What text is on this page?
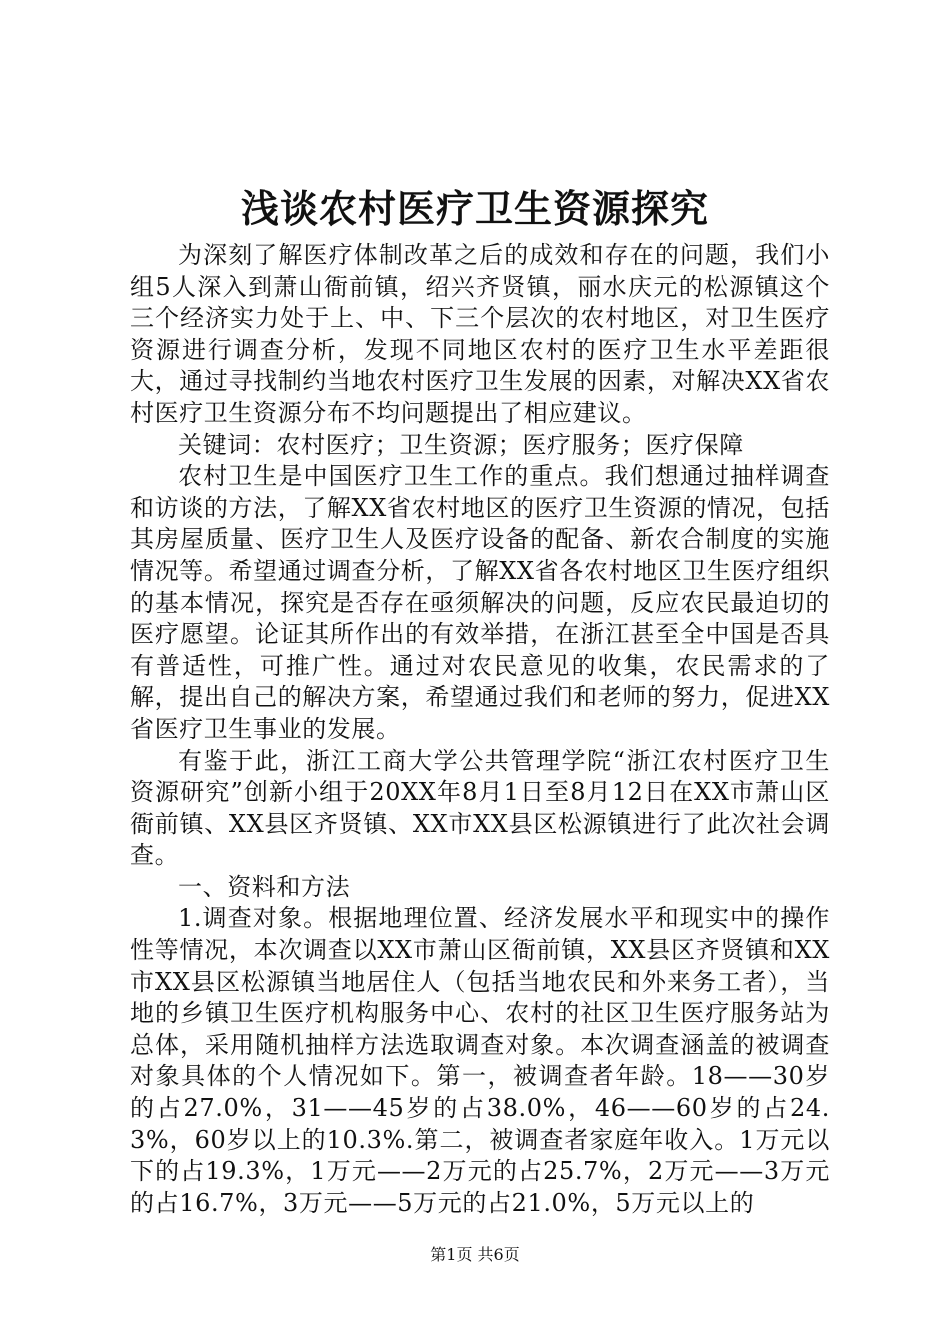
浅谈农村医疗卫生资源探究

为深刻了解医疗体制改革之后的成效和存在的问题，我们小组5人深入到萧山衙前镇，绍兴齐贤镇，丽水庆元的松源镇这个三个经济实力处于上、中、下三个层次的农村地区，对卫生医疗资源进行调查分析，发现不同地区农村的医疗卫生水平差距很大，通过寻找制约当地农村医疗卫生发展的因素，对解决XX省农村医疗卫生资源分布不均问题提出了相应建议。

关键词：农村医疗；卫生资源；医疗服务；医疗保障

农村卫生是中国医疗卫生工作的重点。我们想通过抽样调查和访谈的方法，了解XX省农村地区的医疗卫生资源的情况，包括其房屋质量、医疗卫生人及医疗设备的配备、新农合制度的实施情况等。希望通过调查分析，了解XX省各农村地区卫生医疗组织的基本情况，探究是否存在亟须解决的问题，反应农民最迫切的医疗愿望。论证其所作出的有效举措，在浙江甚至全中国是否具有普适性，可推广性。通过对农民意见的收集，农民需求的了解，提出自己的解决方案，希望通过我们和老师的努力，促进XX省医疗卫生事业的发展。

有鉴于此，浙江工商大学公共管理学院“浙江农村医疗卫生资源研究”创新小组于20XX年8月1日至8月12日在XX市萧山区衙前镇、XX县区齐贤镇、XX市XX县区松源镇进行了此次社会调查。

一、资料和方法

1.调查对象。根据地理位置、经济发展水平和现实中的操作性等情况，本次调查以XX市萧山区衙前镇，XX县区齐贤镇和XX市XX县区松源镇当地居住人（包括当地农民和外来务工者），当地的乡镇卫生医疗机构服务中心、农村的社区卫生医疗服务站为总体，采用随机抽样方法选取调查对象。本次调查涵盖的被调查对象具体的个人情况如下。第一，被调查者年龄。18——30岁的占27.0%，31——45岁的占38.0%，46——60岁的占24.3%，60岁以上的10.3%.第二，被调查者家庭年收入。1万元以下的占19.3%，1万元——2万元的占25.7%，2万元——3万元的占16.7%，3万元——5万元的占21.0%，5万元以上的

第1页 共6页
